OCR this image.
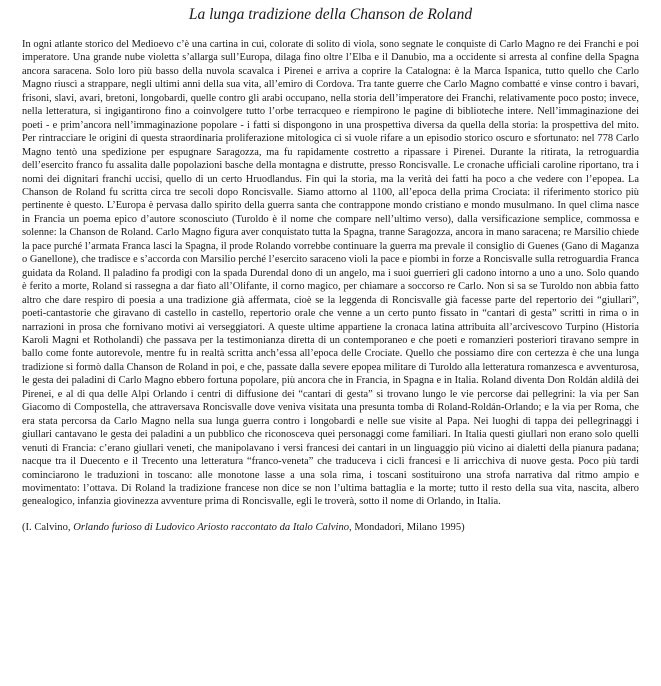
La lunga tradizione della Chanson de Roland

In ogni atlante storico del Medioevo c’è una cartina in cui, colorate di solito di viola, sono segnate le conquiste di Carlo Magno re dei Franchi e poi imperatore. Una grande nube violetta s’allarga sull’Europa, dilaga fino oltre l’Elba e il Danubio, ma a occidente si arresta al confine della Spagna ancora saracena. Solo loro più basso della nuvola scavalca i Pirenei e arriva a coprire la Catalogna: è la Marca Ispanica, tutto quello che Carlo Magno riuscì a strappare, negli ultimi anni della sua vita, all’emiro di Cordova. Tra tante guerre che Carlo Magno combatté e vinse contro i bavari, frisoni, slavi, avari, bretoni, longobardi, quelle contro gli arabi occupano, nella storia dell’imperatore dei Franchi, relativamente poco posto; invece, nella letteratura, si ingigantirono fino a coinvolgere tutto l’orbe terracqueo e riempirono le pagine di biblioteche intere. Nell’immaginazione dei poeti - e prim’ancora nell’immaginazione popolare - i fatti si dispongono in una prospettiva diversa da quella della storia: la prospettiva del mito. Per rintracciare le origini di questa straordinaria proliferazione mitologica ci si vuole rifare a un episodio storico oscuro e sfortunato: nel 778 Carlo Magno tentò una spedizione per espugnare Saragozza, ma fu rapidamente costretto a ripassare i Pirenei. Durante la ritirata, la retroguardia dell’esercito franco fu assalita dalle popolazioni basche della montagna e distrutte, presso Roncisvalle. Le cronache ufficiali caroline riportano, tra i nomi dei dignitari franchi uccisi, quello di un certo Hruodlandus. Fin qui la storia, ma la verità dei fatti ha poco a che vedere con l’epopea. La Chanson de Roland fu scritta circa tre secoli dopo Roncisvalle. Siamo attorno al 1100, all’epoca della prima Crociata: il riferimento storico più pertinente è questo. L’Europa è pervasa dallo spirito della guerra santa che contrappone mondo cristiano e mondo musulmano. In quel clima nasce in Francia un poema epico d’autore sconosciuto (Turoldo è il nome che compare nell’ultimo verso), dalla versificazione semplice, commossa e solenne: la Chanson de Roland. Carlo Magno figura aver conquistato tutta la Spagna, tranne Saragozza, ancora in mano saracena; re Marsilio chiede la pace purché l’armata Franca lasci la Spagna, il prode Rolando vorrebbe continuare la guerra ma prevale il consiglio di Guenes (Gano di Maganza o Ganellone), che tradisce e s’accorda con Marsilio perché l’esercito saraceno violi la pace e piombi in forze a Roncisvalle sulla retroguardia Franca guidata da Roland. Il paladino fa prodigi con la spada Durendal dono di un angelo, ma i suoi guerrieri gli cadono intorno a uno a uno. Solo quando è ferito a morte, Roland si rassegna a dar fiato all’Olifante, il corno magico, per chiamare a soccorso re Carlo. Non si sa se Turoldo non abbia fatto altro che dare respiro di poesia a una tradizione già affermata, cioè se la leggenda di Roncisvalle già facesse parte del repertorio dei “giullari”, poeti-cantastorie che giravano di castello in castello, repertorio orale che venne a un certo punto fissato in “cantari di gesta” scritti in rima o in narrazioni in prosa che fornivano motivi ai verseggiatori. A queste ultime appartiene la cronaca latina attribuita all’arcivescovo Turpino (Historia Karoli Magni et Rotholandi) che passava per la testimonianza diretta di un contemporaneo e che poeti e romanzieri posteriori tiravano sempre in ballo come fonte autorevole, mentre fu in realtà scritta anch’essa all’epoca delle Crociate. Quello che possiamo dire con certezza è che una lunga tradizione si formò dalla Chanson de Roland in poi, e che, passate dalla severe epopea militare di Turoldo alla letteratura romanzesca e avventurosa, le gesta dei paladini di Carlo Magno ebbero fortuna popolare, più ancora che in Francia, in Spagna e in Italia. Roland diventa Don Roldán aldilà dei Pirenei, e al di qua delle Alpi Orlando i centri di diffusione dei “cantari di gesta” si trovano lungo le vie percorse dai pellegrini: la via per San Giacomo di Compostella, che attraversava Roncisvalle dove veniva visitata una presunta tomba di Roland-Roldán-Orlando; e la via per Roma, che era stata percorsa da Carlo Magno nella sua lunga guerra contro i longobardi e nelle sue visite al Papa. Nei luoghi di tappa dei pellegrinaggi i giullari cantavano le gesta dei paladini a un pubblico che riconosceva quei personaggi come familiari. In Italia questi giullari non erano solo quelli venuti di Francia: c’erano giullari veneti, che manipolavano i versi francesi dei cantari in un linguaggio più vicino ai dialetti della pianura padana; nacque tra il Duecento e il Trecento una letteratura “franco-veneta” che traduceva i cicli francesi e li arricchiva di nuove gesta. Poco più tardi cominciarono le traduzioni in toscano: alle monotone lasse a una sola rima, i toscani sostituirono una strofa narrativa dal ritmo ampio e movimentato: l’ottava. Di Roland la tradizione francese non dice se non l’ultima battaglia e la morte; tutto il resto della sua vita, nascita, albero genealogico, infanzia giovinezza avventure prima di Roncisvalle, egli le troverà, sotto il nome di Orlando, in Italia.

(I. Calvino, Orlando furioso di Ludovico Ariosto raccontato da Italo Calvino, Mondadori, Milano 1995)
